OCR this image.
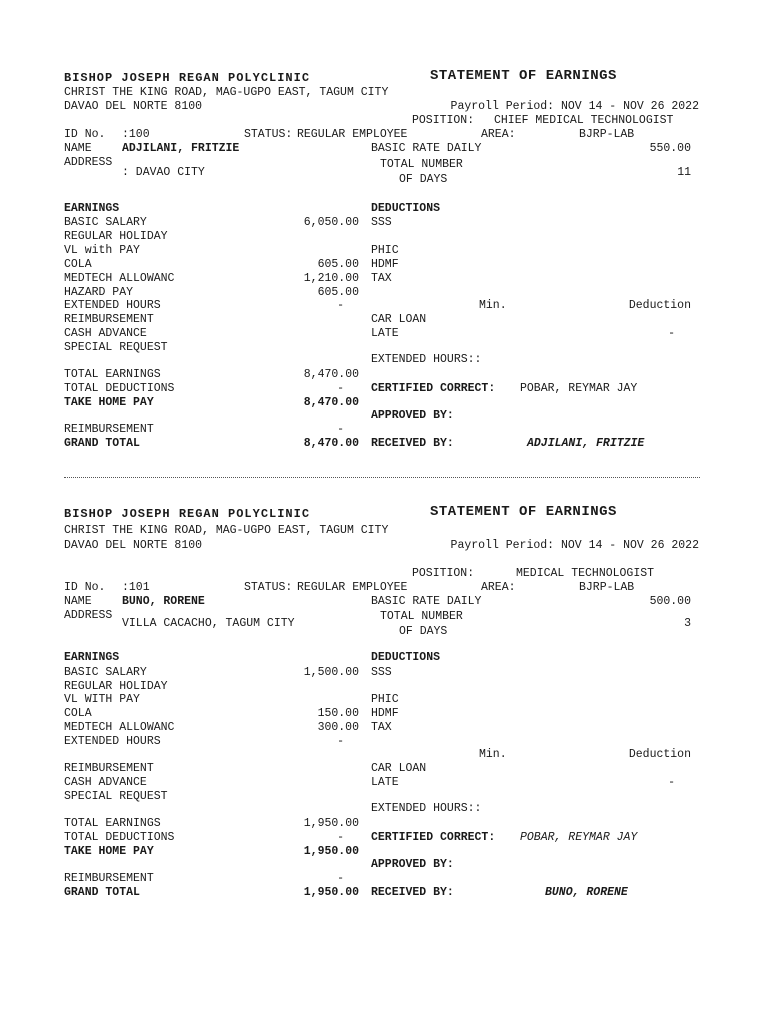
BISHOP JOSEPH REGAN POLYCLINIC	STATEMENT OF EARNINGS
CHRIST THE KING ROAD, MAG-UGPO EAST, TAGUM CITY
DAVAO DEL NORTE 8100	Payroll Period: NOV 14 - NOV 26 2022
POSITION: CHIEF MEDICAL TECHNOLOGIST
ID No. :100	STATUS: REGULAR EMPLOYEE	AREA:	BJRP-LAB
NAME	ADJILANI, FRITZIE	BASIC RATE DAILY	550.00
ADDRESS	TOTAL NUMBER
: DAVAO CITY	11
OF DAYS
EARNINGS	DEDUCTIONS
BASIC SALARY	6,050.00
REGULAR HOLIDAY
VL with PAY
COLA	605.00
MEDTECH ALLOWANC	1,210.00
HAZARD PAY	605.00
EXTENDED HOURS	-
REIMBURSEMENT
CASH ADVANCE
SPECIAL REQUEST
SSS
PHIC
HDMF
TAX
Min.	Deduction
CAR LOAN
LATE	-
EXTENDED HOURS::
TOTAL EARNINGS	8,470.00
TOTAL DEDUCTIONS	-
TAKE HOME PAY	8,470.00
REIMBURSEMENT	-
GRAND TOTAL	8,470.00
CERTIFIED CORRECT: POBAR, REYMAR JAY
APPROVED BY:
RECEIVED BY:	ADJILANI, FRITZIE
BISHOP JOSEPH REGAN POLYCLINIC	STATEMENT OF EARNINGS
CHRIST THE KING ROAD, MAG-UGPO EAST, TAGUM CITY
DAVAO DEL NORTE 8100	Payroll Period: NOV 14 - NOV 26 2022
POSITION:	MEDICAL TECHNOLOGIST
ID No. :101	STATUS: REGULAR EMPLOYEE	AREA:	BJRP-LAB
NAME	BUNO, RORENE	BASIC RATE DAILY	500.00
ADDRESS	TOTAL NUMBER
VILLA CACACHO, TAGUM CITY	3
OF DAYS
EARNINGS	DEDUCTIONS
BASIC SALARY	1,500.00
REGULAR HOLIDAY
VL WITH PAY
COLA	150.00
MEDTECH ALLOWANC	300.00
EXTENDED HOURS	-
REIMBURSEMENT
CASH ADVANCE
SPECIAL REQUEST
SSS
PHIC
HDMF
TAX
Min.	Deduction
CAR LOAN
LATE	-
EXTENDED HOURS::
TOTAL EARNINGS	1,950.00
TOTAL DEDUCTIONS	-
TAKE HOME PAY	1,950.00
REIMBURSEMENT	-
GRAND TOTAL	1,950.00
CERTIFIED CORRECT: POBAR, REYMAR JAY
APPROVED BY:
RECEIVED BY:	BUNO, RORENE
